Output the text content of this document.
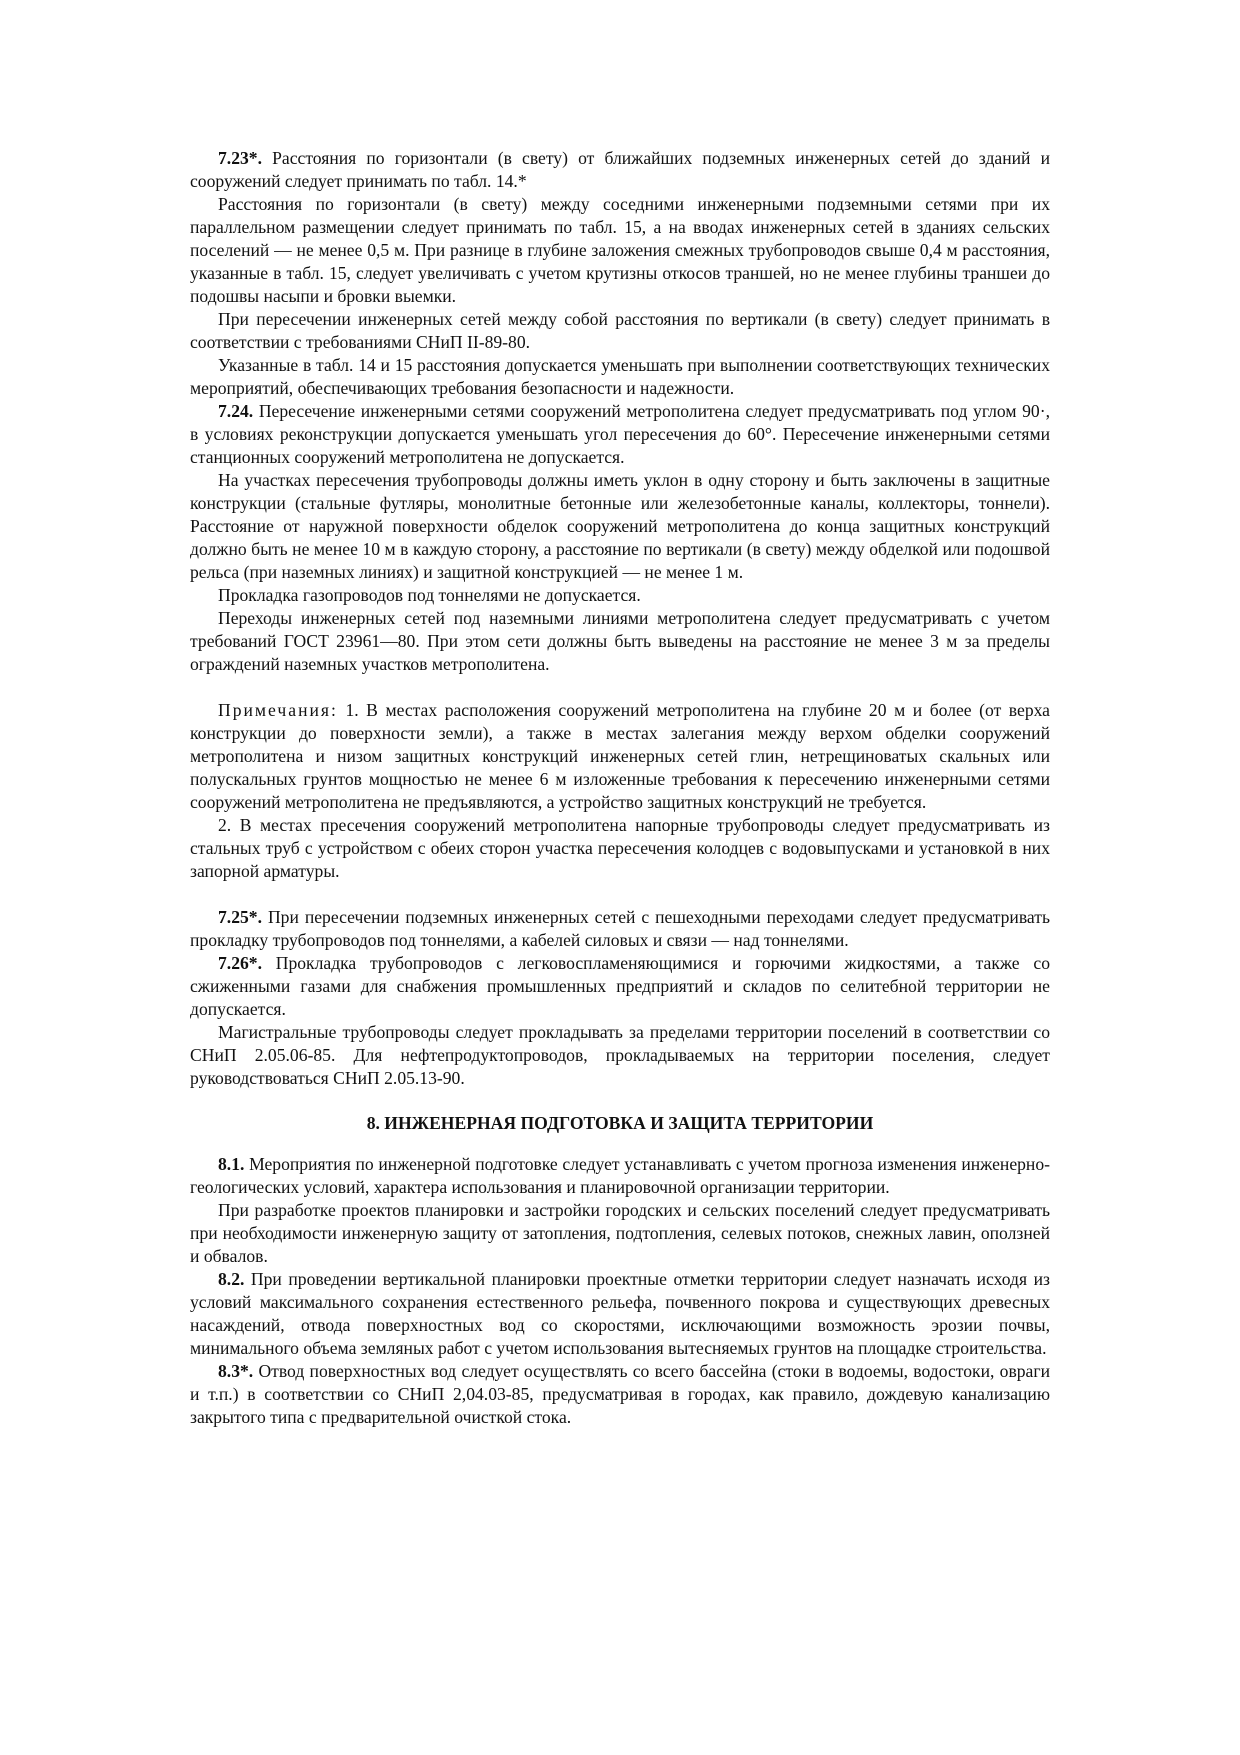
7.23*. Расстояния по горизонтали (в свету) от ближайших подземных инженерных сетей до зданий и сооружений следует принимать по табл. 14.*

Расстояния по горизонтали (в свету) между соседними инженерными подземными сетями при их параллельном размещении следует принимать по табл. 15, а на вводах инженерных сетей в зданиях сельских поселений — не менее 0,5 м. При разнице в глубине заложения смежных трубопроводов свыше 0,4 м расстояния, указанные в табл. 15, следует увеличивать с учетом крутизны откосов траншей, но не менее глубины траншеи до подошвы насыпи и бровки выемки.

При пересечении инженерных сетей между собой расстояния по вертикали (в свету) следует принимать в соответствии с требованиями СНиП II-89-80.

Указанные в табл. 14 и 15 расстояния допускается уменьшать при выполнении соответствующих технических мероприятий, обеспечивающих требования безопасности и надежности.

7.24. Пересечение инженерными сетями сооружений метрополитена следует предусматривать под углом 90·, в условиях реконструкции допускается уменьшать угол пересечения до 60°. Пересечение инженерными сетями станционных сооружений метрополитена не допускается.

На участках пересечения трубопроводы должны иметь уклон в одну сторону и быть заключены в защитные конструкции (стальные футляры, монолитные бетонные или железобетонные каналы, коллекторы, тоннели). Расстояние от наружной поверхности обделок сооружений метрополитена до конца защитных конструкций должно быть не менее 10 м в каждую сторону, а расстояние по вертикали (в свету) между обделкой или подошвой рельса (при наземных линиях) и защитной конструкцией — не менее 1 м.

Прокладка газопроводов под тоннелями не допускается.

Переходы инженерных сетей под наземными линиями метрополитена следует предусматривать с учетом требований ГОСТ 23961—80. При этом сети должны быть выведены на расстояние не менее 3 м за пределы ограждений наземных участков метрополитена.

Примечания: 1. В местах расположения сооружений метрополитена на глубине 20 м и более (от верха конструкции до поверхности земли), а также в местах залегания между верхом обделки сооружений метрополитена и низом защитных конструкций инженерных сетей глин, нетрещиноватых скальных или полускальных грунтов мощностью не менее 6 м изложенные требования к пересечению инженерными сетями сооружений метрополитена не предъявляются, а устройство защитных конструкций не требуется.

2. В местах пресечения сооружений метрополитена напорные трубопроводы следует предусматривать из стальных труб с устройством с обеих сторон участка пересечения колодцев с водовыпусками и установкой в них запорной арматуры.

7.25*. При пересечении подземных инженерных сетей с пешеходными переходами следует предусматривать прокладку трубопроводов под тоннелями, а кабелей силовых и связи — над тоннелями.

7.26*. Прокладка трубопроводов с легковоспламеняющимися и горючими жидкостями, а также со сжиженными газами для снабжения промышленных предприятий и складов по селитебной территории не допускается.

Магистральные трубопроводы следует прокладывать за пределами территории поселений в соответствии со СНиП 2.05.06-85. Для нефтепродуктопроводов, прокладываемых на территории поселения, следует руководствоваться СНиП 2.05.13-90.

8. ИНЖЕНЕРНАЯ ПОДГОТОВКА И ЗАЩИТА ТЕРРИТОРИИ

8.1. Мероприятия по инженерной подготовке следует устанавливать с учетом прогноза изменения инженерно-геологических условий, характера использования и планировочной организации территории.

При разработке проектов планировки и застройки городских и сельских поселений следует предусматривать при необходимости инженерную защиту от затопления, подтопления, селевых потоков, снежных лавин, оползней и обвалов.

8.2. При проведении вертикальной планировки проектные отметки территории следует назначать исходя из условий максимального сохранения естественного рельефа, почвенного покрова и существующих древесных насаждений, отвода поверхностных вод со скоростями, исключающими возможность эрозии почвы, минимального объема земляных работ с учетом использования вытесняемых грунтов на площадке строительства.

8.3*. Отвод поверхностных вод следует осуществлять со всего бассейна (стоки в водоемы, водостоки, овраги и т.п.) в соответствии со СНиП 2,04.03-85, предусматривая в городах, как правило, дождевую канализацию закрытого типа с предварительной очисткой стока.
